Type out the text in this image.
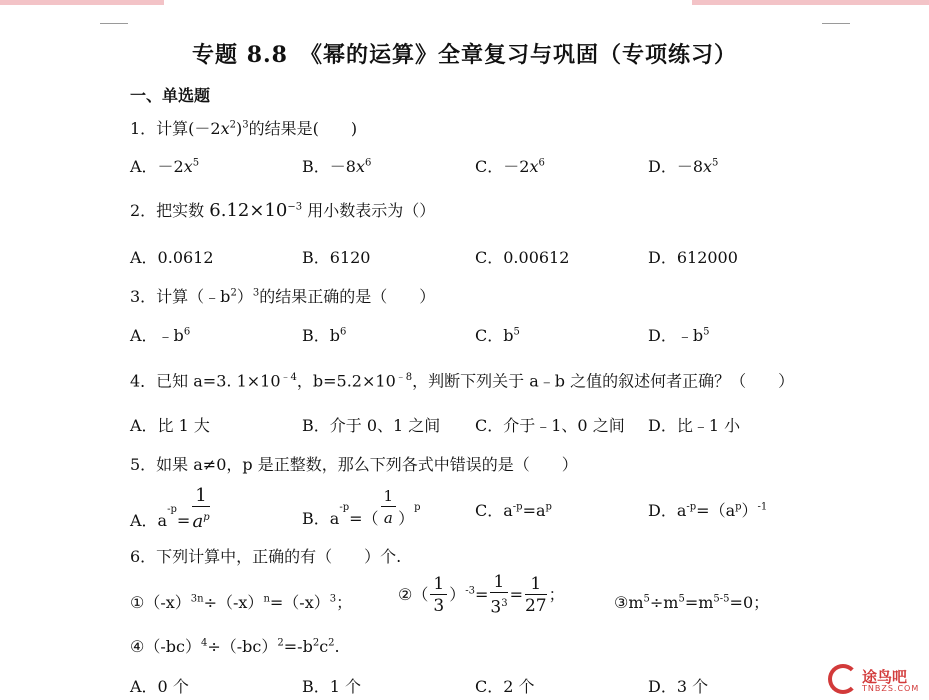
专题 8.8　《幂的运算》全章复习与巩固（专项练习）
一、单选题
1．计算$(-2x^2)^3$的结果是(　　)
A．$-2x^5$	B．$-8x^6$	C．$-2x^6$	D．$-8x^5$
2．把实数 $6.12\times 10^{-3}$ 用小数表示为（）
A．0.0612	B．6120	C．0.00612	D．612000
3．计算$(﹣b^2)^3$的结果正确的是（　　）
A．$﹣b^6$	B．$b^6$	C．$b^5$	D．$﹣b^5$
4．已知 a=3. $1\times 10^{﹣4}$，$b=5.2\times 10^{﹣8}$，判断下列关于 a﹣b 之值的叙述何者正确？（　　）
A．比 1 大	B．介于 0、1 之间 C．介于﹣1、0 之间 D．比﹣1 小
5．如果 a≠0，p 是正整数，那么下列各式中错误的是（　　）
A．$a^{-p}= \frac{1}{a^p}$	B．$a^{-p}=( \frac{1}{a} )^p$	C．$a^{-p}=a^p$	D．$a^{-p}=(a^p)^{-1}$
6．下列计算中，正确的有（　　）个.
$①(-x)^{3n}\div(-x)^n=(-x)^3$；	②（ $\frac{1}{3} )^{-3}= \frac{1}{3^3} = \frac{1}{27}$ ；	$③m^5\div m^5=m^{5-5}=0$；
$④(-bc)^4\div(-bc)^2=-b^2c^2$.
A．0 个	B．1 个	C．2 个	D．3 个	途鸟吧
TNBZS.COM
